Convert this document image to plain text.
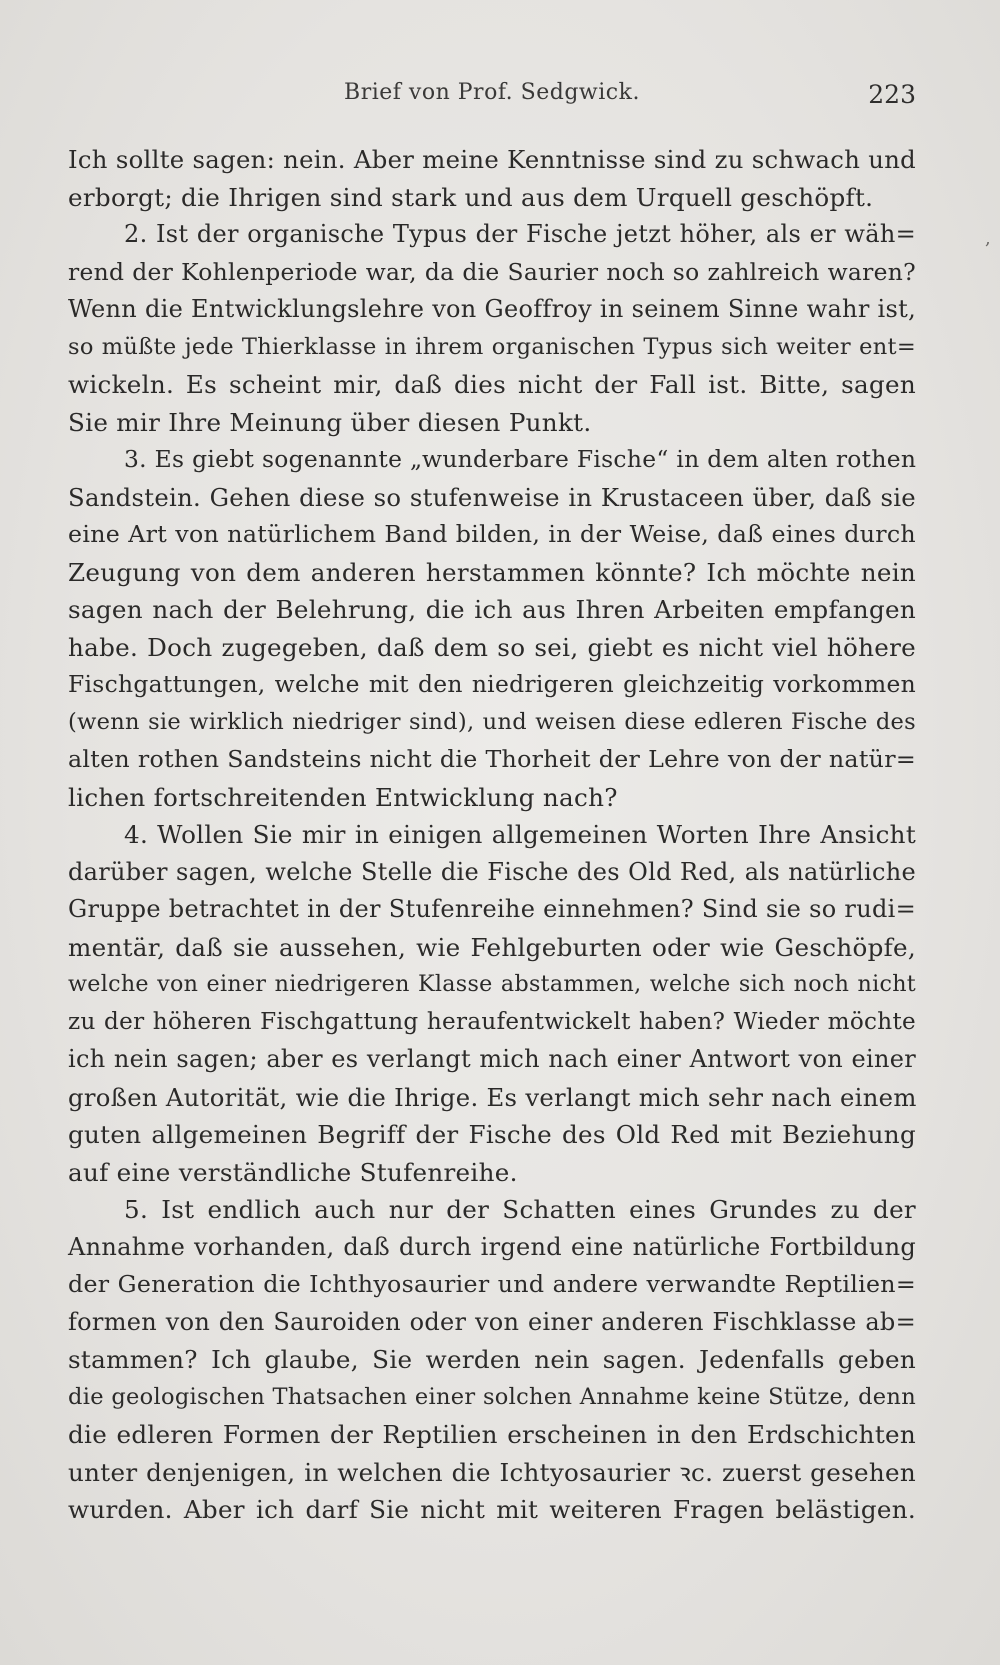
Brief von Prof. Sedgwick.	223
,
Ich sollte sagen: nein. Aber meine Kenntnisse sind zu schwach und
erborgt; die Ihrigen sind stark und aus dem Urquell geschöpft.
2. Ist der organische Typus der Fische jetzt höher, als er wäh=
rend der Kohlenperiode war, da die Saurier noch so zahlreich waren?
Wenn die Entwicklungslehre von Geoffroy in seinem Sinne wahr ist,
so müßte jede Thierklasse in ihrem organischen Typus sich weiter ent=
wickeln. Es scheint mir, daß dies nicht der Fall ist. Bitte, sagen
Sie mir Ihre Meinung über diesen Punkt.
3. Es giebt sogenannte „wunderbare Fische“ in dem alten rothen
Sandstein. Gehen diese so stufenweise in Krustaceen über, daß sie
eine Art von natürlichem Band bilden, in der Weise, daß eines durch
Zeugung von dem anderen herstammen könnte? Ich möchte nein
sagen nach der Belehrung, die ich aus Ihren Arbeiten empfangen
habe. Doch zugegeben, daß dem so sei, giebt es nicht viel höhere
Fischgattungen, welche mit den niedrigeren gleichzeitig vorkommen
(wenn sie wirklich niedriger sind), und weisen diese edleren Fische des
alten rothen Sandsteins nicht die Thorheit der Lehre von der natür=
lichen fortschreitenden Entwicklung nach?
4. Wollen Sie mir in einigen allgemeinen Worten Ihre Ansicht
darüber sagen, welche Stelle die Fische des Old Red, als natürliche
Gruppe betrachtet in der Stufenreihe einnehmen? Sind sie so rudi=
mentär, daß sie aussehen, wie Fehlgeburten oder wie Geschöpfe,
welche von einer niedrigeren Klasse abstammen, welche sich noch nicht
zu der höheren Fischgattung heraufentwickelt haben? Wieder möchte
ich nein sagen; aber es verlangt mich nach einer Antwort von einer
großen Autorität, wie die Ihrige. Es verlangt mich sehr nach einem
guten allgemeinen Begriff der Fische des Old Red mit Beziehung
auf eine verständliche Stufenreihe.
5. Ist endlich auch nur der Schatten eines Grundes zu der
Annahme vorhanden, daß durch irgend eine natürliche Fortbildung
der Generation die Ichthyosaurier und andere verwandte Reptilien=
formen von den Sauroiden oder von einer anderen Fischklasse ab=
stammen? Ich glaube, Sie werden nein sagen. Jedenfalls geben
die geologischen Thatsachen einer solchen Annahme keine Stütze, denn
die edleren Formen der Reptilien erscheinen in den Erdschichten
unter denjenigen, in welchen die Ichtyosaurier ꝛc. zuerst gesehen
wurden. Aber ich darf Sie nicht mit weiteren Fragen belästigen.
